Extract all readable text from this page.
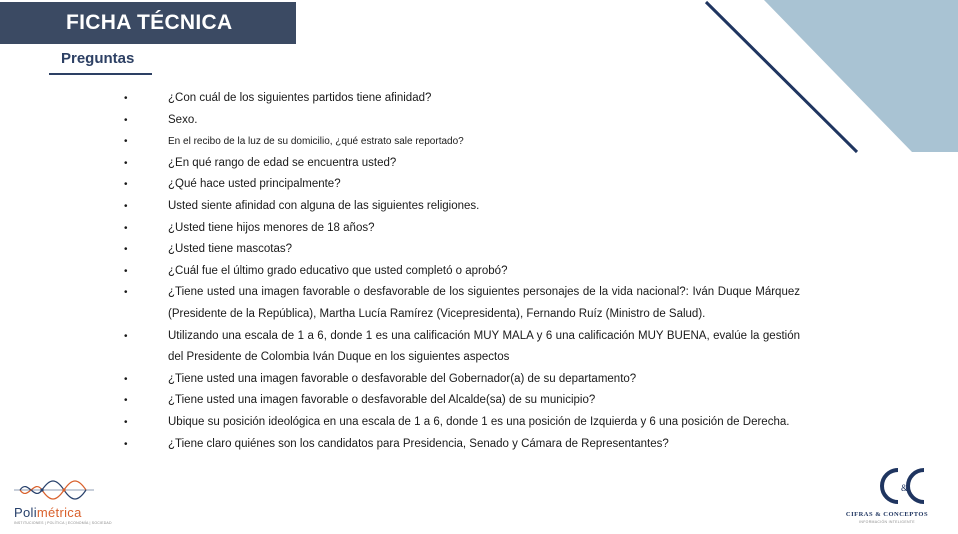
FICHA TÉCNICA
Preguntas
• ¿Con cuál de los siguientes partidos tiene afinidad?
• Sexo.
• En el recibo de la luz de su domicilio, ¿qué estrato sale reportado?
• ¿En qué rango de edad se encuentra usted?
• ¿Qué hace usted principalmente?
• Usted siente afinidad con alguna de las siguientes religiones.
• ¿Usted tiene hijos menores de 18 años?
• ¿Usted tiene mascotas?
• ¿Cuál fue el último grado educativo que usted completó o aprobó?
• ¿Tiene usted una imagen favorable o desfavorable de los siguientes personajes de la vida nacional?: Iván Duque Márquez (Presidente de la República), Martha Lucía Ramírez (Vicepresidenta), Fernando Ruíz (Ministro de Salud).
• Utilizando una escala de 1 a 6, donde 1 es una calificación MUY MALA y 6 una calificación MUY BUENA, evalúe la gestión del Presidente de Colombia Iván Duque en los siguientes aspectos
• ¿Tiene usted una imagen favorable o desfavorable del Gobernador(a) de su departamento?
• ¿Tiene usted una imagen favorable o desfavorable del Alcalde(sa) de su municipio?
• Ubique su posición ideológica en una escala de 1 a 6, donde 1 es una posición de Izquierda y 6 una posición de Derecha.
• ¿Tiene claro quiénes son los candidatos para Presidencia, Senado y Cámara de Representantes?
Polimétrica
INSTITUCIONES | POLÍTICA | ECONOMÍA | SOCIEDAD
&
CIFRAS & CONCEPTOS
INFORMACIÓN INTELIGENTE
